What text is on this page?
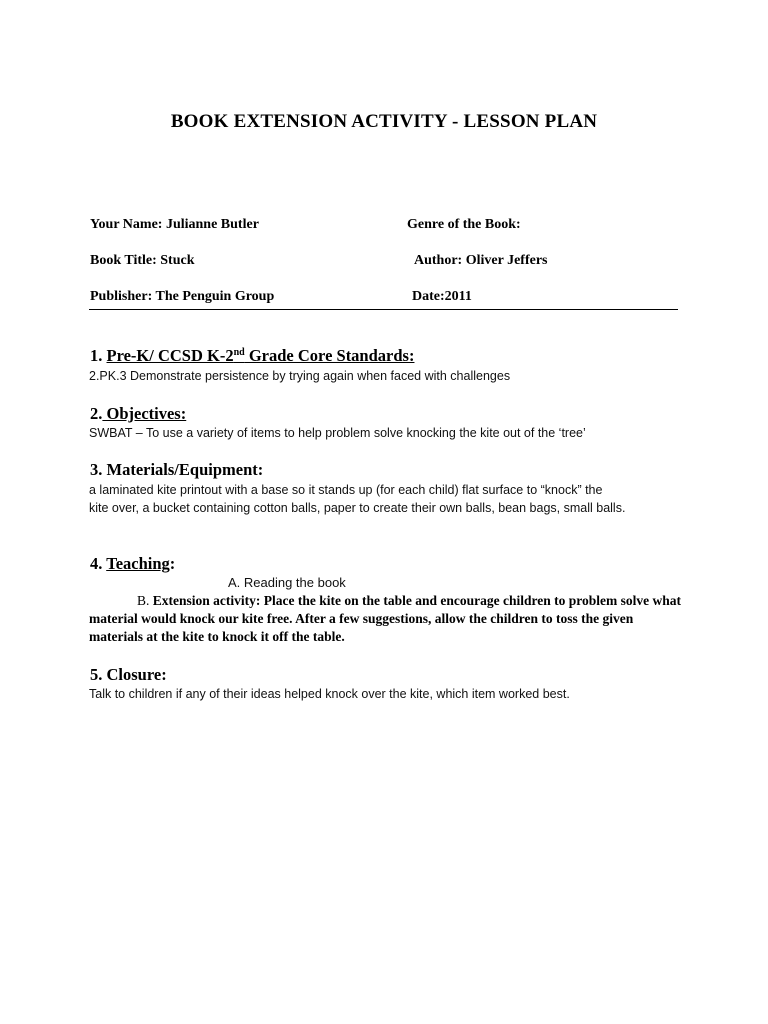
BOOK EXTENSION ACTIVITY - LESSON PLAN
Your Name: Julianne Butler	Genre of the Book:
Book Title: Stuck	Author: Oliver Jeffers
Publisher: The Penguin Group	Date:2011
1. Pre-K/ CCSD K-2nd Grade Core Standards:
2.PK.3 Demonstrate persistence by trying again when faced with challenges
2. Objectives:
SWBAT – To use a variety of items to help problem solve knocking the kite out of the ‘tree’
3. Materials/Equipment:
a laminated kite printout with a base so it stands up (for each child) flat surface to “knock” the
kite over, a bucket containing cotton balls, paper to create their own balls, bean bags, small balls.
4. Teaching:
A. Reading the book
B. Extension activity: Place the kite on the table and encourage children to problem solve what material would knock our kite free. After a few suggestions, allow the children to toss the given materials at the kite to knock it off the table.
5. Closure:
Talk to children if any of their ideas helped knock over the kite, which item worked best.
